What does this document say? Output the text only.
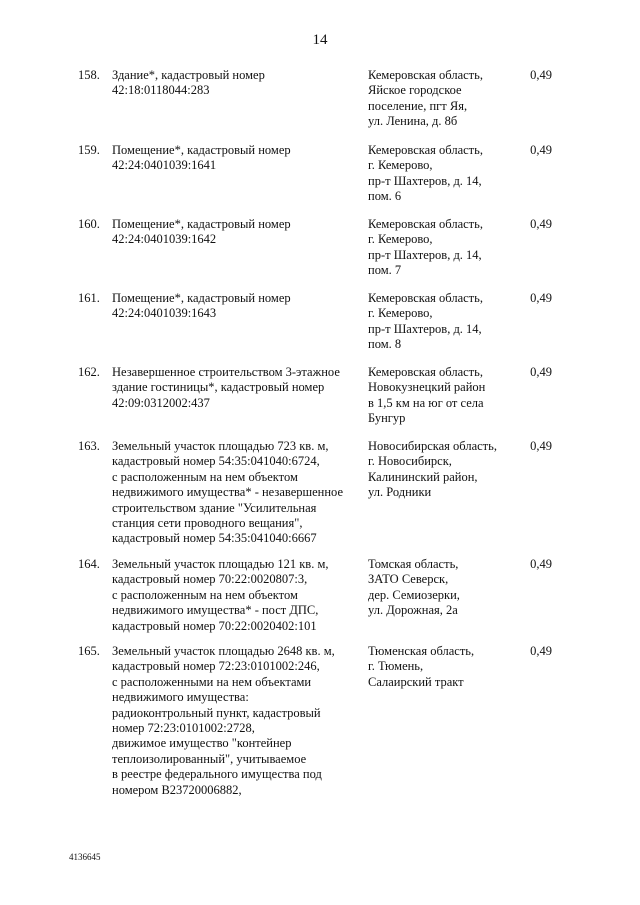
14
158. Здание*, кадастровый номер
42:18:0118044:283
Кемеровская область,
Яйское городское
поселение, пгт Яя,
ул. Ленина, д. 8б
0,49
159. Помещение*, кадастровый номер
42:24:0401039:1641
Кемеровская область,
г. Кемерово,
пр-т Шахтеров, д. 14,
пом. 6
0,49
160. Помещение*, кадастровый номер
42:24:0401039:1642
Кемеровская область,
г. Кемерово,
пр-т Шахтеров, д. 14,
пом. 7
0,49
161. Помещение*, кадастровый номер
42:24:0401039:1643
Кемеровская область,
г. Кемерово,
пр-т Шахтеров, д. 14,
пом. 8
0,49
162. Незавершенное строительством 3-этажное
здание гостиницы*, кадастровый номер
42:09:0312002:437
Кемеровская область,
Новокузнецкий район
в 1,5 км на юг от села
Бунгур
0,49
163. Земельный участок площадью 723 кв. м,
кадастровый номер 54:35:041040:6724,
с расположенным на нем объектом
недвижимого имущества* - незавершенное
строительством здание "Усилительная
станция сети проводного вещания",
кадастровый номер 54:35:041040:6667
Новосибирская область,
г. Новосибирск,
Калининский район,
ул. Родники
0,49
164. Земельный участок площадью 121 кв. м,
кадастровый номер 70:22:0020807:3,
с расположенным на нем объектом
недвижимого имущества* - пост ДПС,
кадастровый номер 70:22:0020402:101
Томская область,
ЗАТО Северск,
дер. Семиозерки,
ул. Дорожная, 2а
0,49
165. Земельный участок площадью 2648 кв. м,
кадастровый номер 72:23:0101002:246,
с расположенными на нем объектами
недвижимого имущества:
радиоконтрольный пункт, кадастровый
номер 72:23:0101002:2728,
движимое имущество "контейнер
теплоизолированный", учитываемое
в реестре федерального имущества под
номером В23720006882,
Тюменская область,
г. Тюмень,
Салаирский тракт
0,49
4136645
